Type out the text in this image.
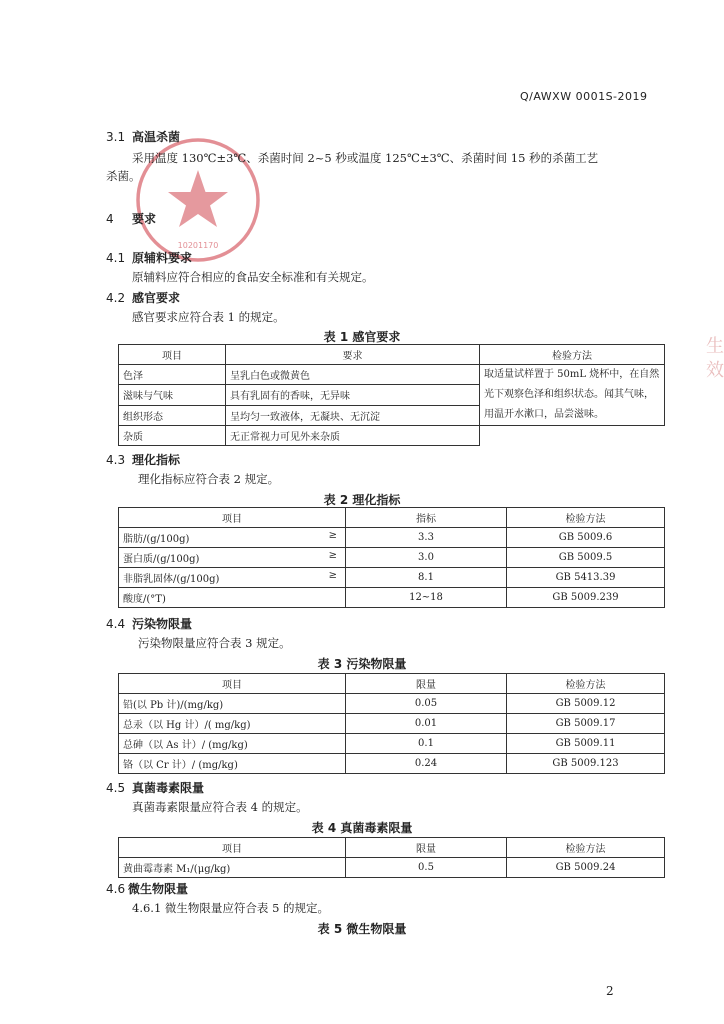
Q/AWXW 0001S-2019
10201170
生效
3.1 高温杀菌
采用温度 130℃±3℃、杀菌时间 2~5 秒或温度 125℃±3℃、杀菌时间 15 秒的杀菌工艺
杀菌。
4 要求
4.1 原辅料要求
原辅料应符合相应的食品安全标准和有关规定。
4.2 感官要求
感官要求应符合表 1 的规定。
表 1 感官要求
项目	要求	检验方法
色泽	呈乳白色或微黄色	取适量试样置于 50mL 烧杯中，在自然光下观察色泽和组织状态。闻其气味，用温开水漱口，品尝滋味。
滋味与气味	具有乳固有的香味，无异味	
组织形态	呈均匀一致液体，无凝块、无沉淀	
杂质	无正常视力可见外来杂质	
4.3 理化指标
理化指标应符合表 2 规定。
表 2 理化指标
项目	指标	检验方法
脂肪/(g/100g) ≥	3.3	GB 5009.6
蛋白质/(g/100g) ≥	3.0	GB 5009.5
非脂乳固体/(g/100g) ≥	8.1	GB 5413.39
酸度/(°T)	12~18	GB 5009.239
4.4 污染物限量
污染物限量应符合表 3 规定。
表 3 污染物限量
项目	限量	检验方法
铅(以 Pb 计)/(mg/kg)	0.05	GB 5009.12
总汞（以 Hg 计）/( mg/kg)	0.01	GB 5009.17
总砷（以 As 计）/ (mg/kg)	0.1	GB 5009.11
铬（以 Cr 计）/ (mg/kg)	0.24	GB 5009.123
4.5 真菌毒素限量
真菌毒素限量应符合表 4 的规定。
表 4 真菌毒素限量
项目	限量	检验方法
黄曲霉毒素 M₁/(μg/kg)	0.5	GB 5009.24
4.6 微生物限量
4.6.1 微生物限量应符合表 5 的规定。
表 5 微生物限量
2
